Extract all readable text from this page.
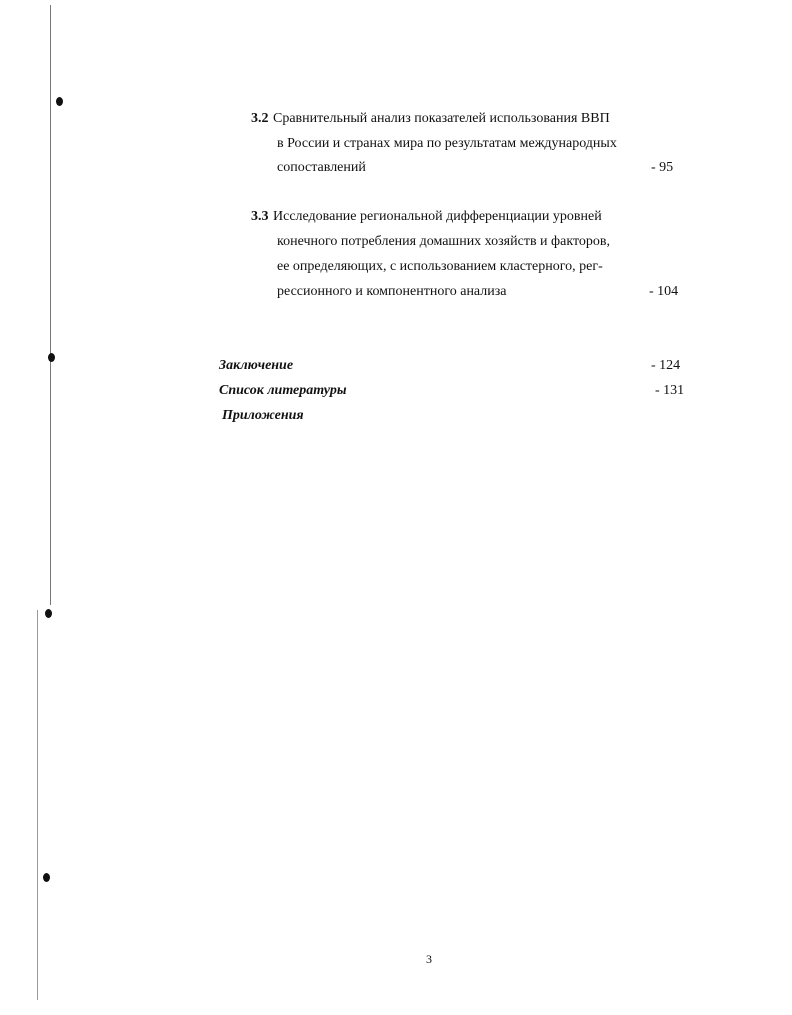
3.2 Сравнительный анализ показателей использования ВВП
в России и странах мира по результатам международных
сопоставлений	- 95
3.3 Исследование региональной дифференциации уровней
конечного потребления домашних хозяйств и факторов,
ее определяющих, с использованием кластерного, рег-
рессионного и компонентного анализа	- 104
Заключение	- 124
Список литературы	- 131
Приложения
3
